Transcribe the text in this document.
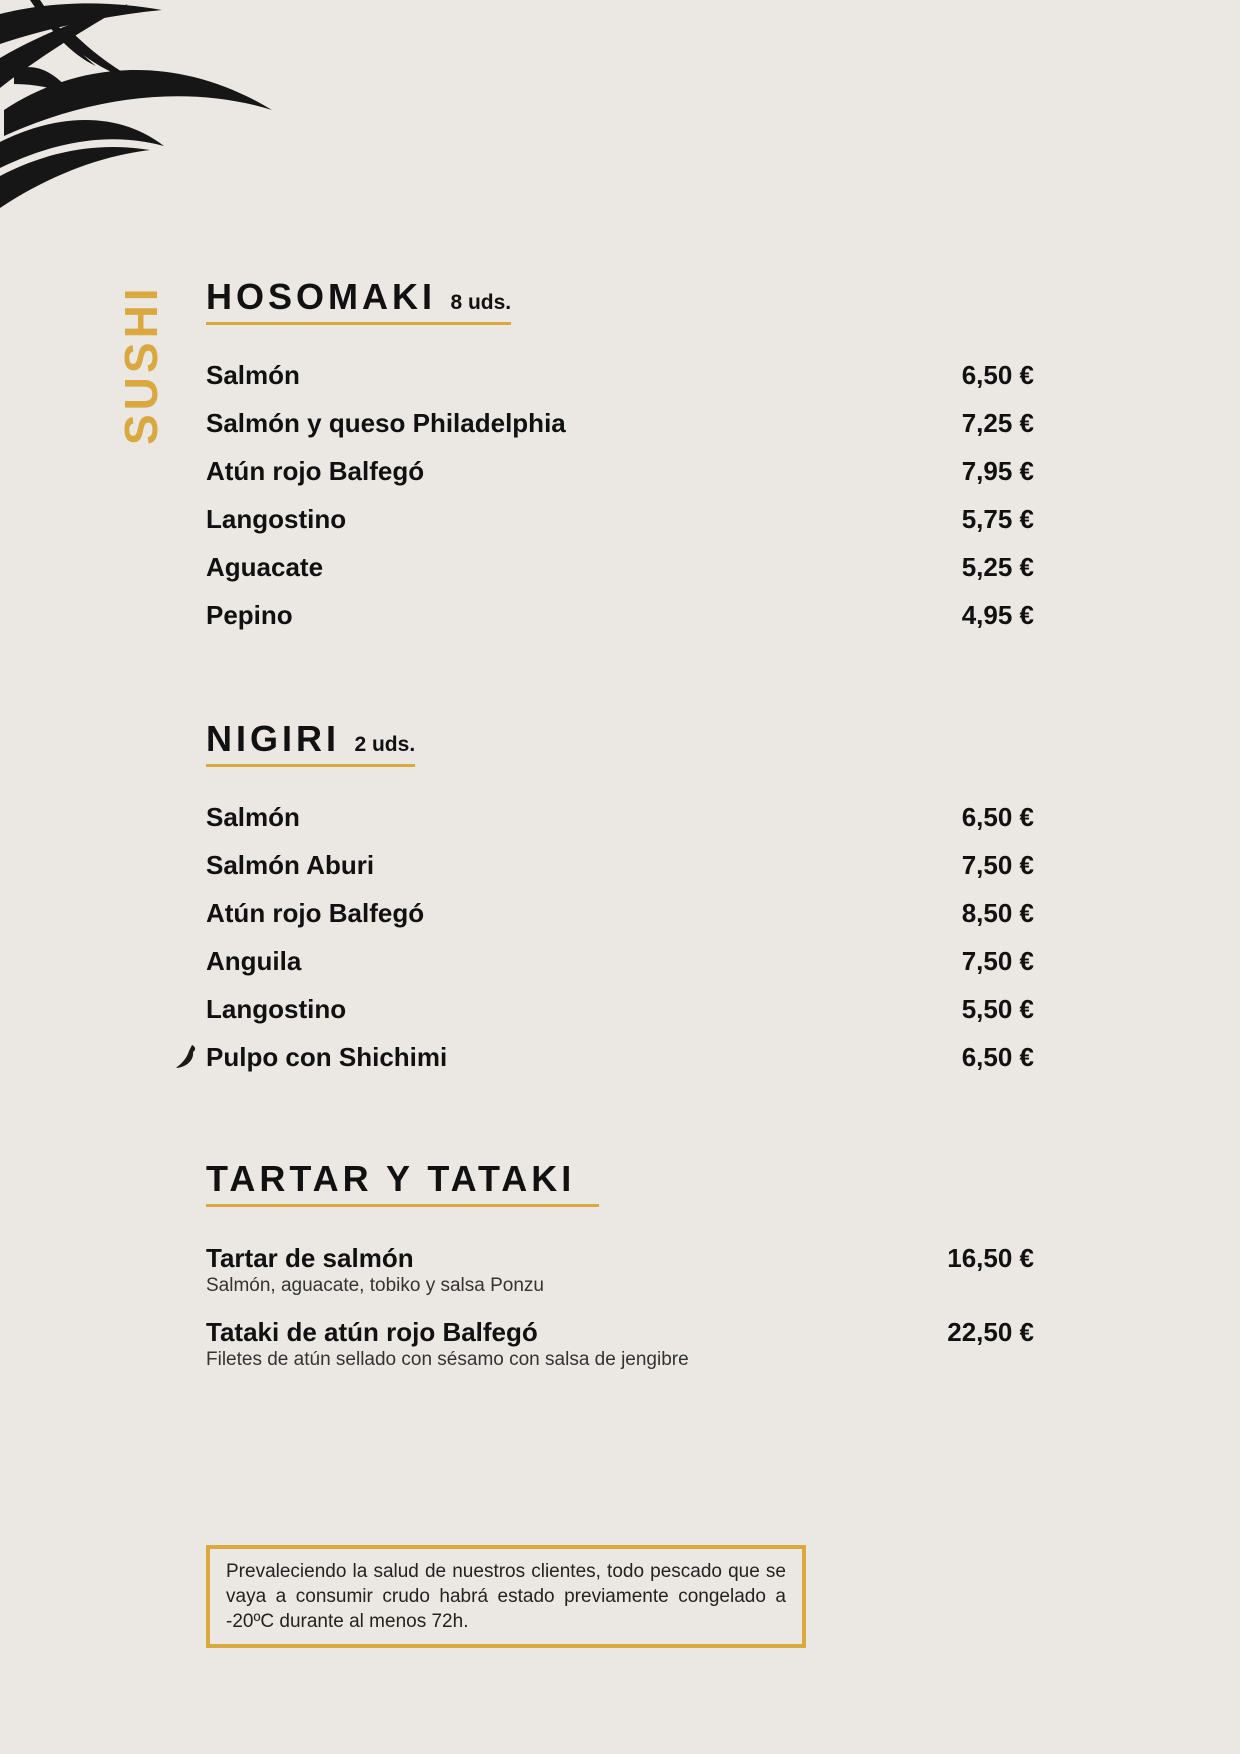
SUSHI HOSOMAKI 8 uds.
Salmón	6,50 €
Salmón y queso Philadelphia	7,25 €
Atún rojo Balfegó	7,95 €
Langostino	5,75 €
Aguacate	5,25 €
Pepino	4,95 €
NIGIRI 2 uds.
Salmón	6,50 €
Salmón Aburi	7,50 €
Atún rojo Balfegó	8,50 €
Anguila	7,50 €
Langostino	5,50 €
Pulpo con Shichimi	6,50 €
TARTAR Y TATAKI
Tartar de salmón
Salmón, aguacate, tobiko y salsa Ponzu
16,50 €
Tataki de atún rojo Balfegó
Filetes de atún sellado con sésamo con salsa de jengibre
22,50 €
Prevaleciendo la salud de nuestros clientes, todo pescado que se vaya a consumir crudo habrá estado previamente congelado a -20ºC durante al menos 72h.
